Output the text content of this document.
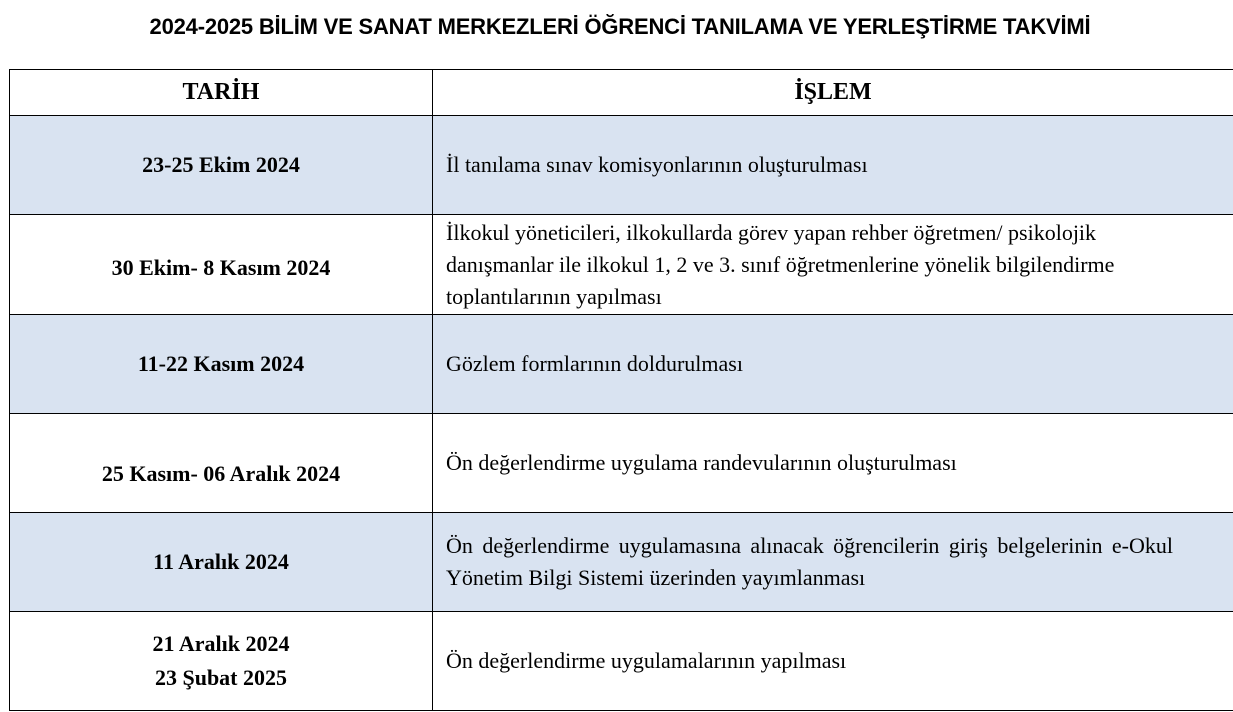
2024-2025 BİLİM VE SANAT MERKEZLERİ ÖĞRENCİ TANILAMA VE YERLEŞTİRME TAKVİMİ
TARİH	İŞLEM

23-25 Ekim 2024	İl tanılama sınav komisyonlarının oluşturulması

30 Ekim- 8 Kasım 2024	İlkokul yöneticileri, ilkokullarda görev yapan rehber öğretmen/ psikolojik
danışmanlar ile ilkokul 1, 2 ve 3. sınıf öğretmenlerine yönelik bilgilendirme
toplantılarının yapılması

11-22 Kasım 2024	Gözlem formlarının doldurulması

25 Kasım- 06 Aralık 2024	Ön değerlendirme uygulama randevularının oluşturulması

11 Aralık 2024	Ön değerlendirme uygulamasına alınacak öğrencilerin giriş belgelerinin e-Okul Yönetim Bilgi Sistemi üzerinden yayımlanması

21 Aralık 2024
23 Şubat 2025	Ön değerlendirme uygulamalarının yapılması
